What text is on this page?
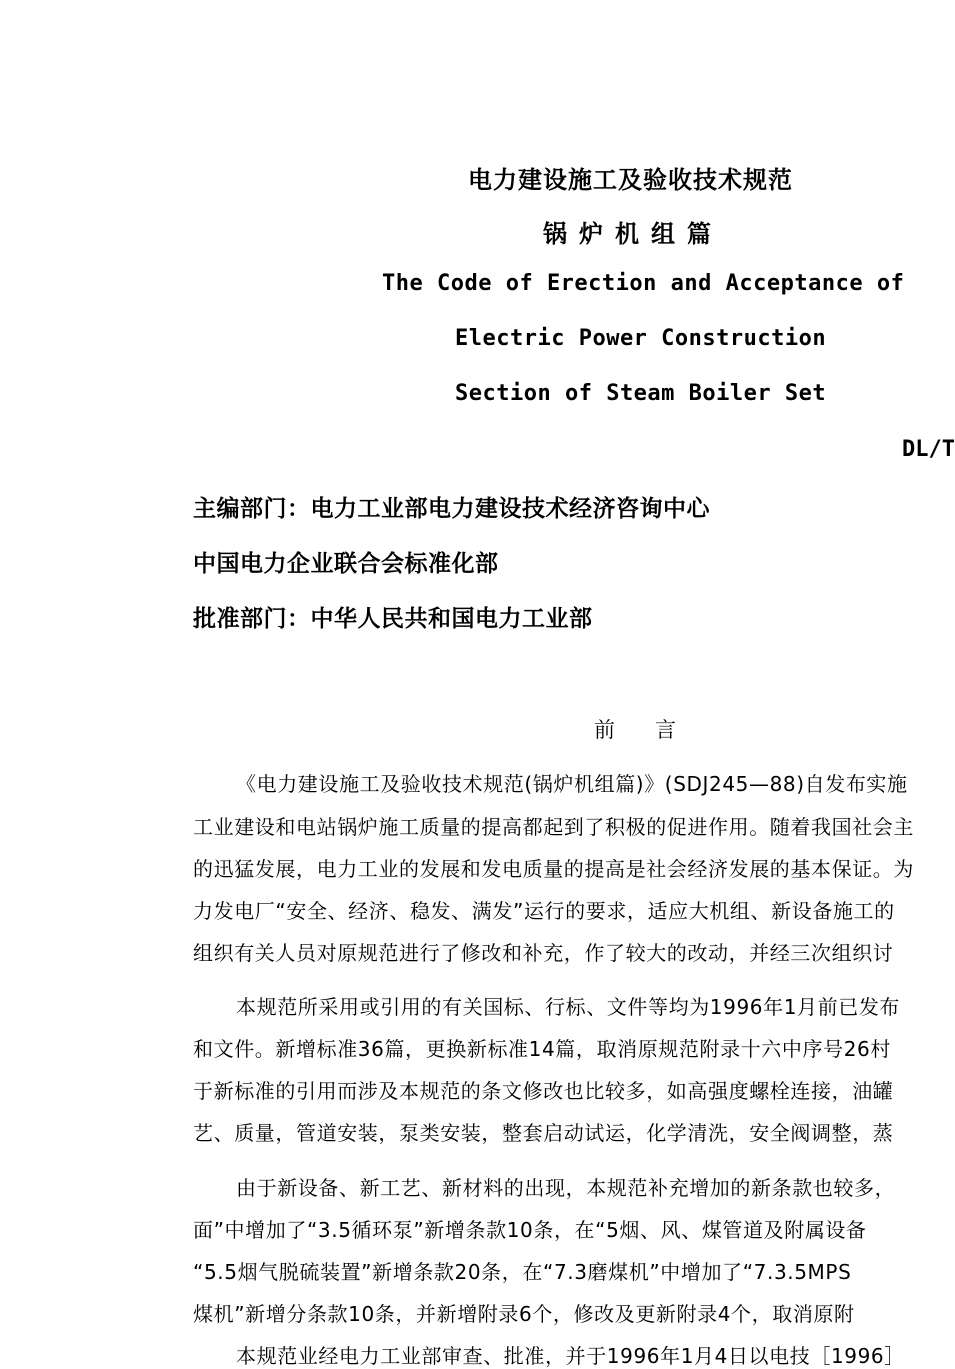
电力建设施工及验收技术规范
锅炉机组篇
The Code of Erection and Acceptance of
Electric Power Construction
Section of Steam Boiler Set
DL/T
主编部门：电力工业部电力建设技术经济咨询中心
中国电力企业联合会标准化部
批准部门：中华人民共和国电力工业部
前言
《电力建设施工及验收技术规范(锅炉机组篇)》(SDJ245—88)自发布实施
工业建设和电站锅炉施工质量的提高都起到了积极的促进作用。随着我国社会主
的迅猛发展，电力工业的发展和发电质量的提高是社会经济发展的基本保证。为
力发电厂“安全、经济、稳发、满发”运行的要求，适应大机组、新设备施工的
组织有关人员对原规范进行了修改和补充，作了较大的改动，并经三次组织讨
本规范所采用或引用的有关国标、行标、文件等均为1996年1月前已发布
和文件。新增标准36篇，更换新标准14篇，取消原规范附录十六中序号26村
于新标准的引用而涉及本规范的条文修改也比较多，如高强度螺栓连接，油罐
艺、质量，管道安装，泵类安装，整套启动试运，化学清洗，安全阀调整，蒸
由于新设备、新工艺、新材料的出现，本规范补充增加的新条款也较多，
面”中增加了“3.5循环泵”新增条款10条，在“5烟、风、煤管道及附属设备
“5.5烟气脱硫装置”新增条款20条，在“7.3磨煤机”中增加了“7.3.5MPS
煤机”新增分条款10条，并新增附录6个，修改及更新附录4个，取消原附
本规范业经电力工业部审查、批准，并于1996年1月4日以电技［1996］
